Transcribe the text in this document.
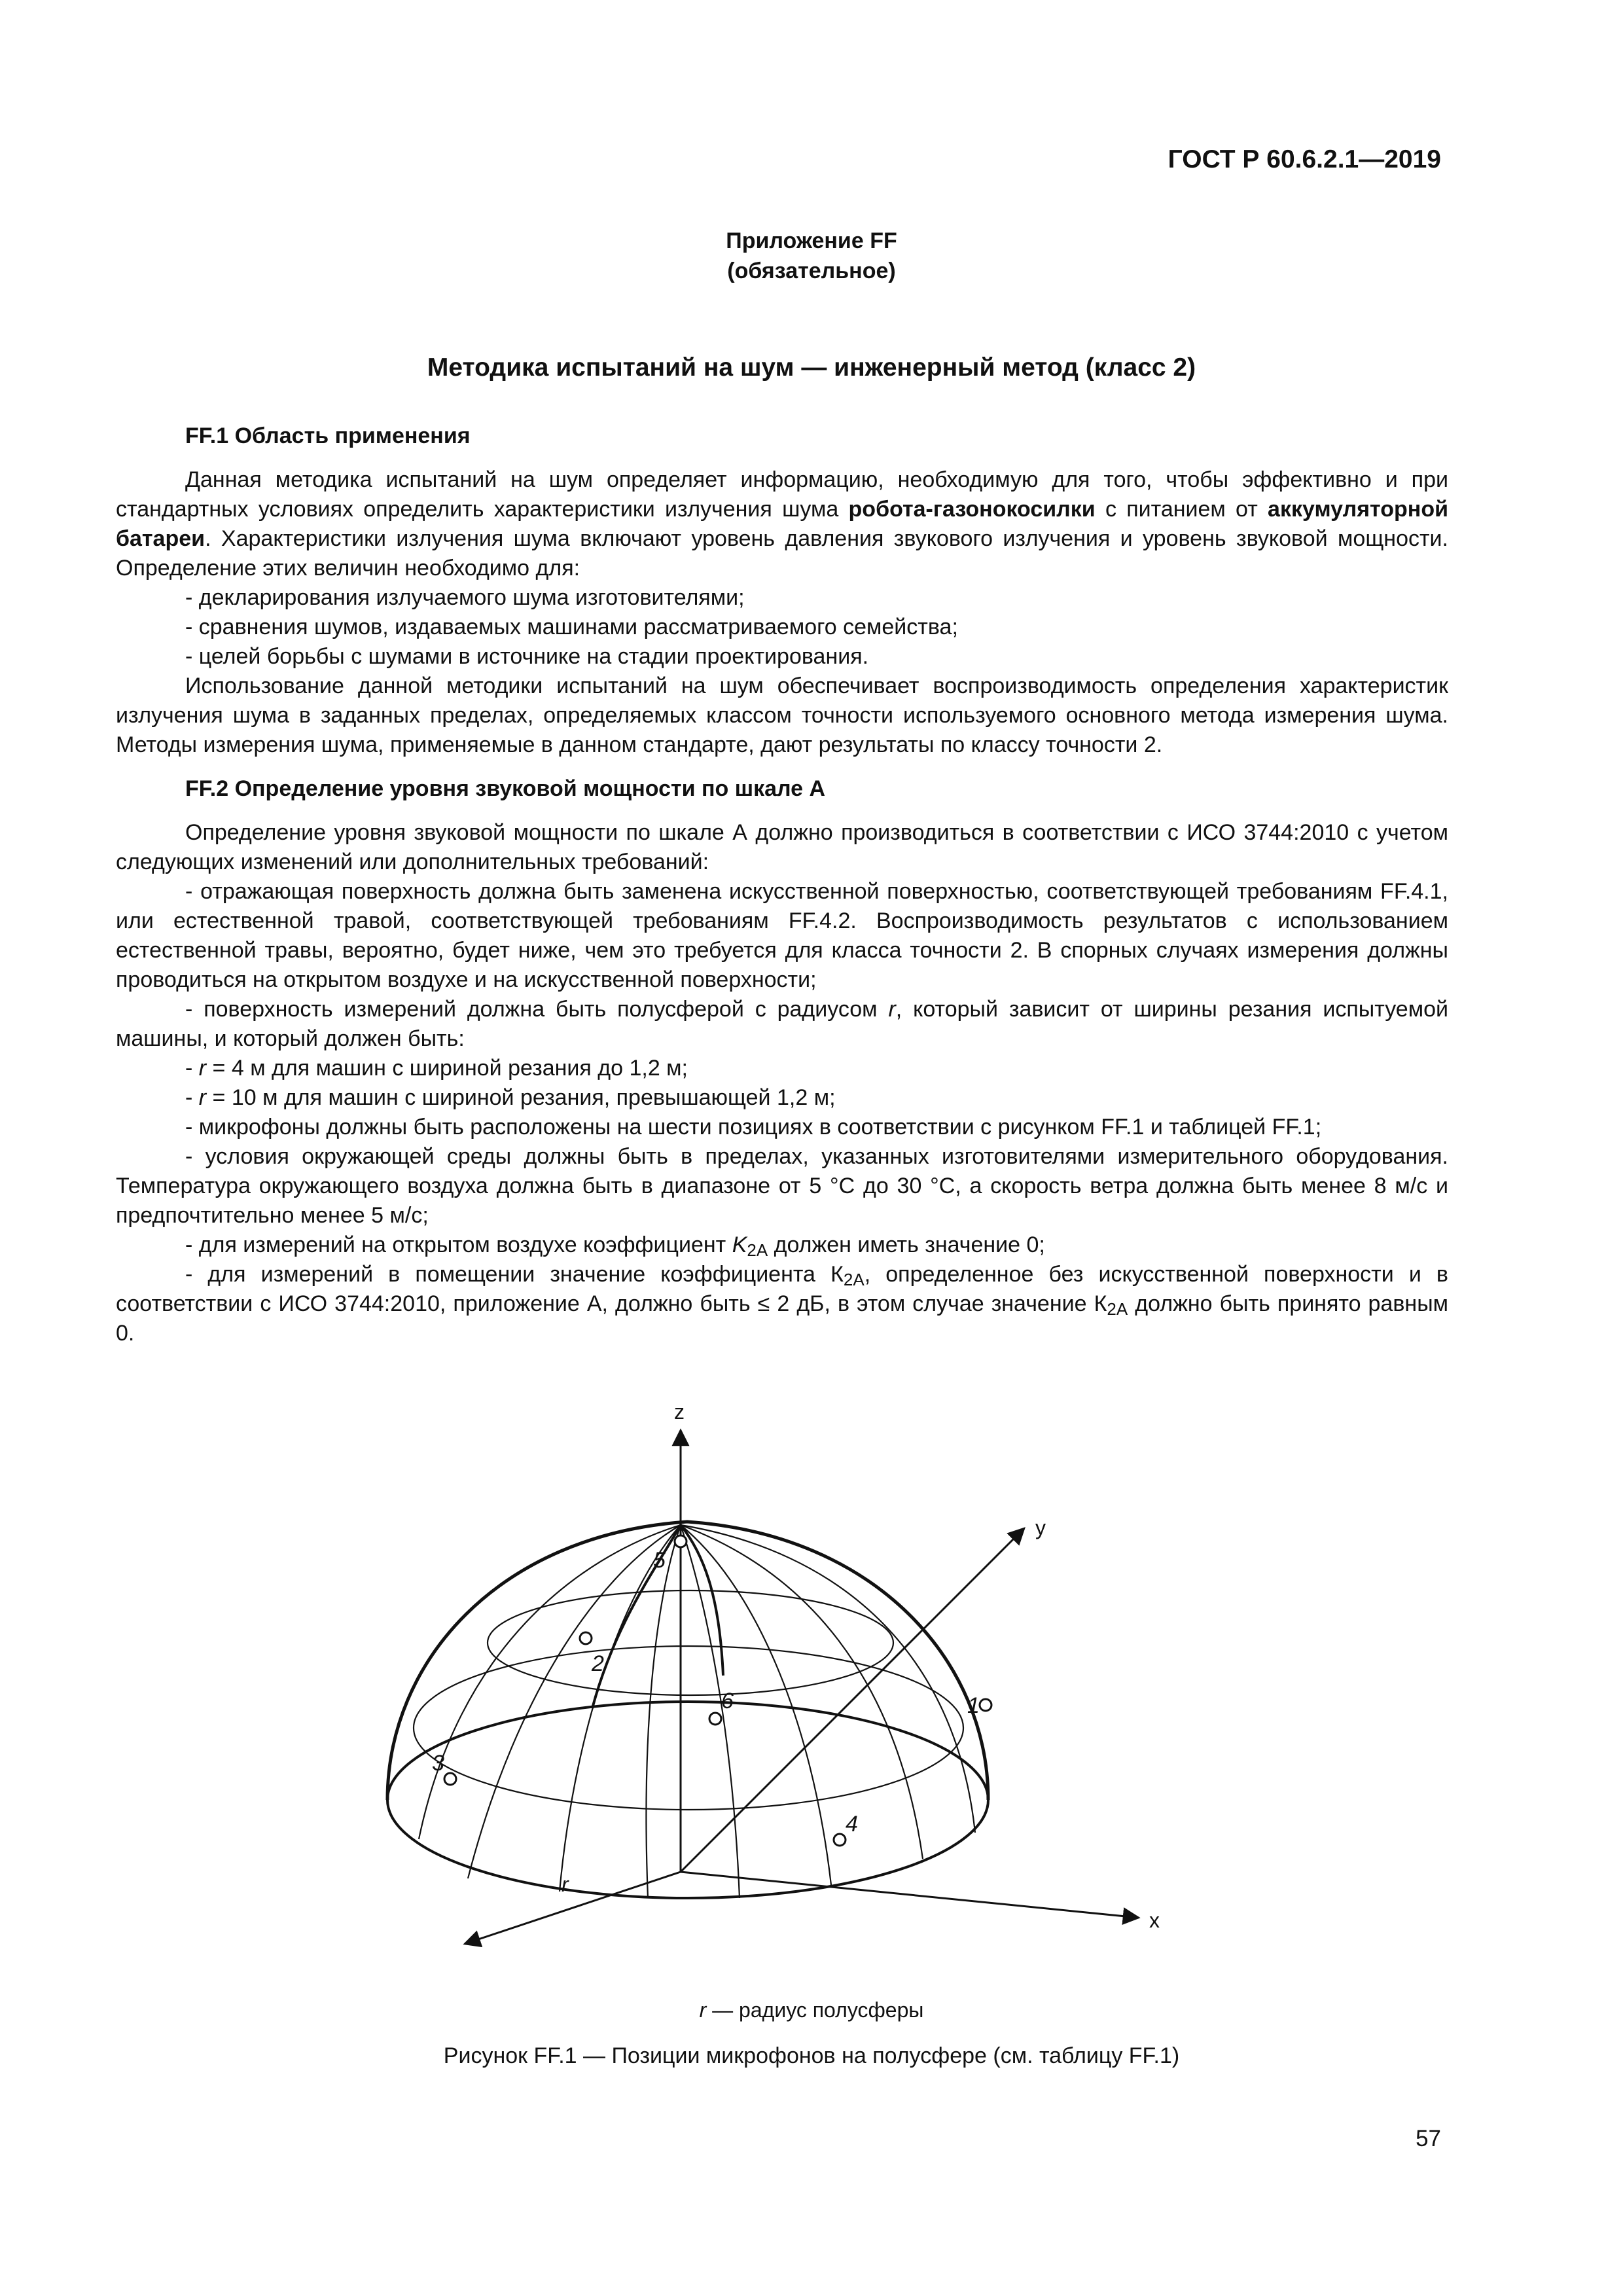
ГОСТ Р 60.6.2.1—2019
Приложение FF
(обязательное)
Методика испытаний на шум — инженерный метод (класс 2)

FF.1 Область применения

Данная методика испытаний на шум определяет информацию, необходимую для того, чтобы эффективно и при стандартных условиях определить характеристики излучения шума робота-газонокосилки с питанием от аккумуляторной батареи. Характеристики излучения шума включают уровень давления звукового излучения и уровень звуковой мощности. Определение этих величин необходимо для:

- декларирования излучаемого шума изготовителями;

- сравнения шумов, издаваемых машинами рассматриваемого семейства;

- целей борьбы с шумами в источнике на стадии проектирования.

Использование данной методики испытаний на шум обеспечивает воспроизводимость определения характеристик излучения шума в заданных пределах, определяемых классом точности используемого основного метода измерения шума. Методы измерения шума, применяемые в данном стандарте, дают результаты по классу точности 2.

FF.2 Определение уровня звуковой мощности по шкале А

Определение уровня звуковой мощности по шкале А должно производиться в соответствии с ИСО 3744:2010 с учетом следующих изменений или дополнительных требований:

- отражающая поверхность должна быть заменена искусственной поверхностью, соответствующей требованиям FF.4.1, или естественной травой, соответствующей требованиям FF.4.2. Воспроизводимость результатов с использованием естественной травы, вероятно, будет ниже, чем это требуется для класса точности 2. В спорных случаях измерения должны проводиться на открытом воздухе и на искусственной поверхности;

- поверхность измерений должна быть полусферой с радиусом r, который зависит от ширины резания испытуемой машины, и который должен быть:

- r = 4 м для машин с шириной резания до 1,2 м;

- r = 10 м для машин с шириной резания, превышающей 1,2 м;

- микрофоны должны быть расположены на шести позициях в соответствии с рисунком FF.1 и таблицей FF.1;

- условия окружающей среды должны быть в пределах, указанных изготовителями измерительного оборудования. Температура окружающего воздуха должна быть в диапазоне от 5 °С до 30 °С, а скорость ветра должна быть менее 8 м/с и предпочтительно менее 5 м/с;

- для измерений на открытом воздухе коэффициент $K_{2A}$ должен иметь значение 0;

- для измерений в помещении значение коэффициента $К_{2A}$, определенное без искусственной поверхности и в соответствии с ИСО 3744:2010, приложение А, должно быть ≤ 2 дБ, в этом случае значение $К_{2A}$ должно быть принято равным 0.

z
y
x
r
1
2
3
4
5
6
r — радиус полусферы
Рисунок FF.1 — Позиции микрофонов на полусфере (см. таблицу FF.1)
57
